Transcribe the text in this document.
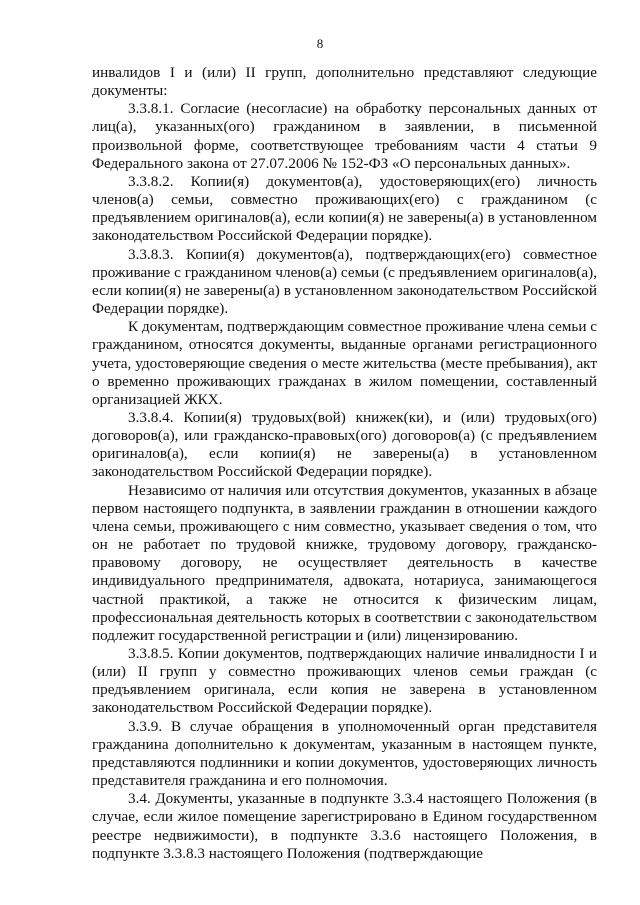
8

инвалидов I и (или) II групп, дополнительно представляют следующие документы:

3.3.8.1. Согласие (несогласие) на обработку персональных данных от лиц(а), указанных(ого) гражданином в заявлении, в письменной произвольной форме, соответствующее требованиям части 4 статьи 9 Федерального закона от 27.07.2006 № 152-ФЗ «О персональных данных».

3.3.8.2. Копии(я) документов(а), удостоверяющих(его) личность членов(а) семьи, совместно проживающих(его) с гражданином (с предъявлением оригиналов(а), если копии(я) не заверены(а) в установленном законодательством Российской Федерации порядке).

3.3.8.3. Копии(я) документов(а), подтверждающих(его) совместное проживание с гражданином членов(а) семьи (с предъявлением оригиналов(а), если копии(я) не заверены(а) в установленном законодательством Российской Федерации порядке).

К документам, подтверждающим совместное проживание члена семьи с гражданином, относятся документы, выданные органами регистрационного учета, удостоверяющие сведения о месте жительства (месте пребывания), акт о временно проживающих гражданах в жилом помещении, составленный организацией ЖКХ.

3.3.8.4. Копии(я) трудовых(вой) книжек(ки), и (или) трудовых(ого) договоров(а), или гражданско-правовых(ого) договоров(а) (с предъявлением оригиналов(а), если копии(я) не заверены(а) в установленном законодательством Российской Федерации порядке).

Независимо от наличия или отсутствия документов, указанных в абзаце первом настоящего подпункта, в заявлении гражданин в отношении каждого члена семьи, проживающего с ним совместно, указывает сведения о том, что он не работает по трудовой книжке, трудовому договору, гражданско-правовому договору, не осуществляет деятельность в качестве индивидуального предпринимателя, адвоката, нотариуса, занимающегося частной практикой, а также не относится к физическим лицам, профессиональная деятельность которых в соответствии с законодательством подлежит государственной регистрации и (или) лицензированию.

3.3.8.5. Копии документов, подтверждающих наличие инвалидности I и (или) II групп у совместно проживающих членов семьи граждан (с предъявлением оригинала, если копия не заверена в установленном законодательством Российской Федерации порядке).

3.3.9. В случае обращения в уполномоченный орган представителя гражданина дополнительно к документам, указанным в настоящем пункте, представляются подлинники и копии документов, удостоверяющих личность представителя гражданина и его полномочия.

3.4. Документы, указанные в подпункте 3.3.4 настоящего Положения (в случае, если жилое помещение зарегистрировано в Едином государственном реестре недвижимости), в подпункте 3.3.6 настоящего Положения, в подпункте 3.3.8.3 настоящего Положения (подтверждающие
